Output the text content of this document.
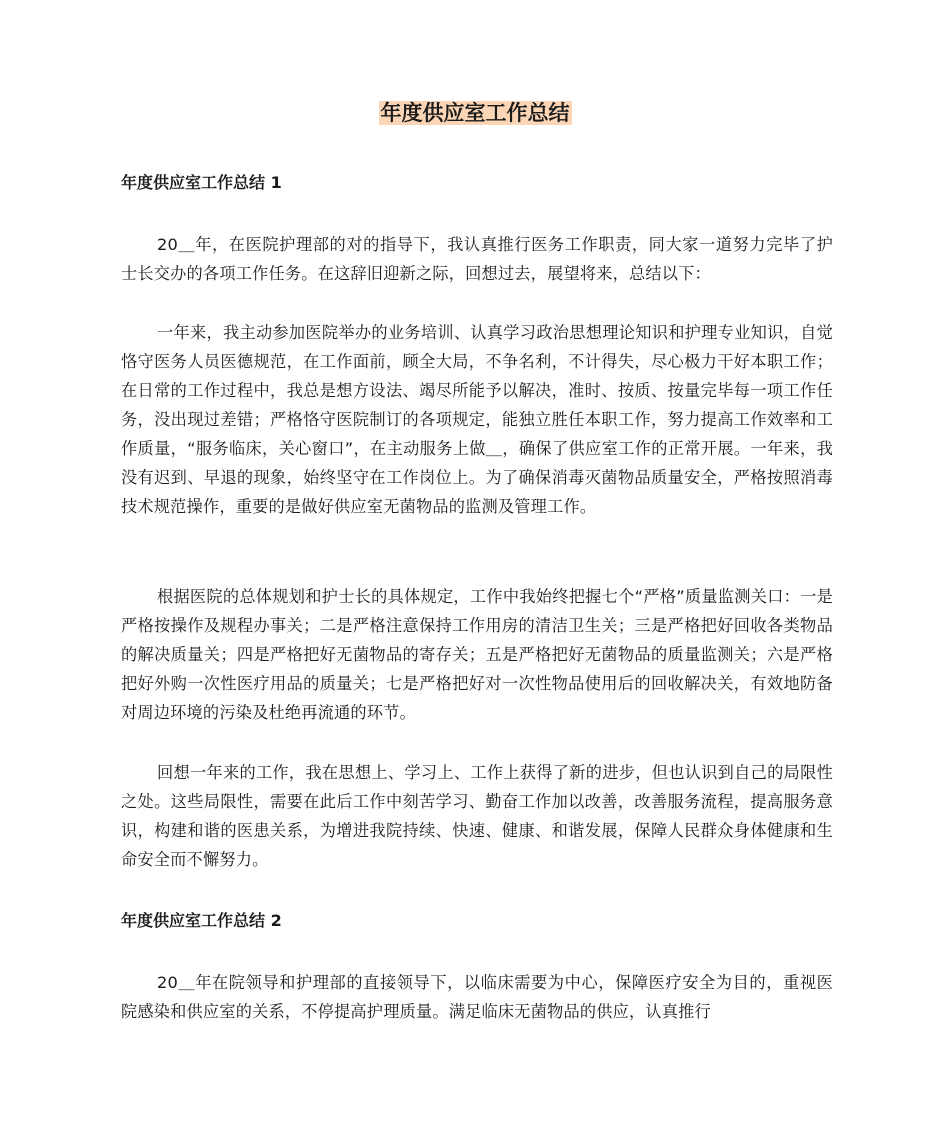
年度供应室工作总结
年度供应室工作总结 1
20＿年，在医院护理部的对的指导下，我认真推行医务工作职责，同大家一道努力完毕了护士长交办的各项工作任务。在这辞旧迎新之际，回想过去，展望将来，总结以下：
一年来，我主动参加医院举办的业务培训、认真学习政治思想理论知识和护理专业知识，自觉恪守医务人员医德规范，在工作面前，顾全大局，不争名利，不计得失，尽心极力干好本职工作；在日常的工作过程中，我总是想方设法、竭尽所能予以解决，准时、按质、按量完毕每一项工作任务，没出现过差错；严格恪守医院制订的各项规定，能独立胜任本职工作，努力提高工作效率和工作质量，“服务临床，关心窗口”，在主动服务上做＿，确保了供应室工作的正常开展。一年来，我没有迟到、早退的现象，始终坚守在工作岗位上。为了确保消毒灭菌物品质量安全，严格按照消毒技术规范操作，重要的是做好供应室无菌物品的监测及管理工作。
根据医院的总体规划和护士长的具体规定，工作中我始终把握七个“严格”质量监测关口：一是严格按操作及规程办事关；二是严格注意保持工作用房的清洁卫生关；三是严格把好回收各类物品的解决质量关；四是严格把好无菌物品的寄存关；五是严格把好无菌物品的质量监测关；六是严格把好外购一次性医疗用品的质量关；七是严格把好对一次性物品使用后的回收解决关，有效地防备对周边环境的污染及杜绝再流通的环节。
回想一年来的工作，我在思想上、学习上、工作上获得了新的进步，但也认识到自己的局限性之处。这些局限性，需要在此后工作中刻苦学习、勤奋工作加以改善，改善服务流程，提高服务意识，构建和谐的医患关系，为增进我院持续、快速、健康、和谐发展，保障人民群众身体健康和生命安全而不懈努力。
年度供应室工作总结 2
20＿年在院领导和护理部的直接领导下，以临床需要为中心，保障医疗安全为目的，重视医院感染和供应室的关系，不停提高护理质量。满足临床无菌物品的供应，认真推行
